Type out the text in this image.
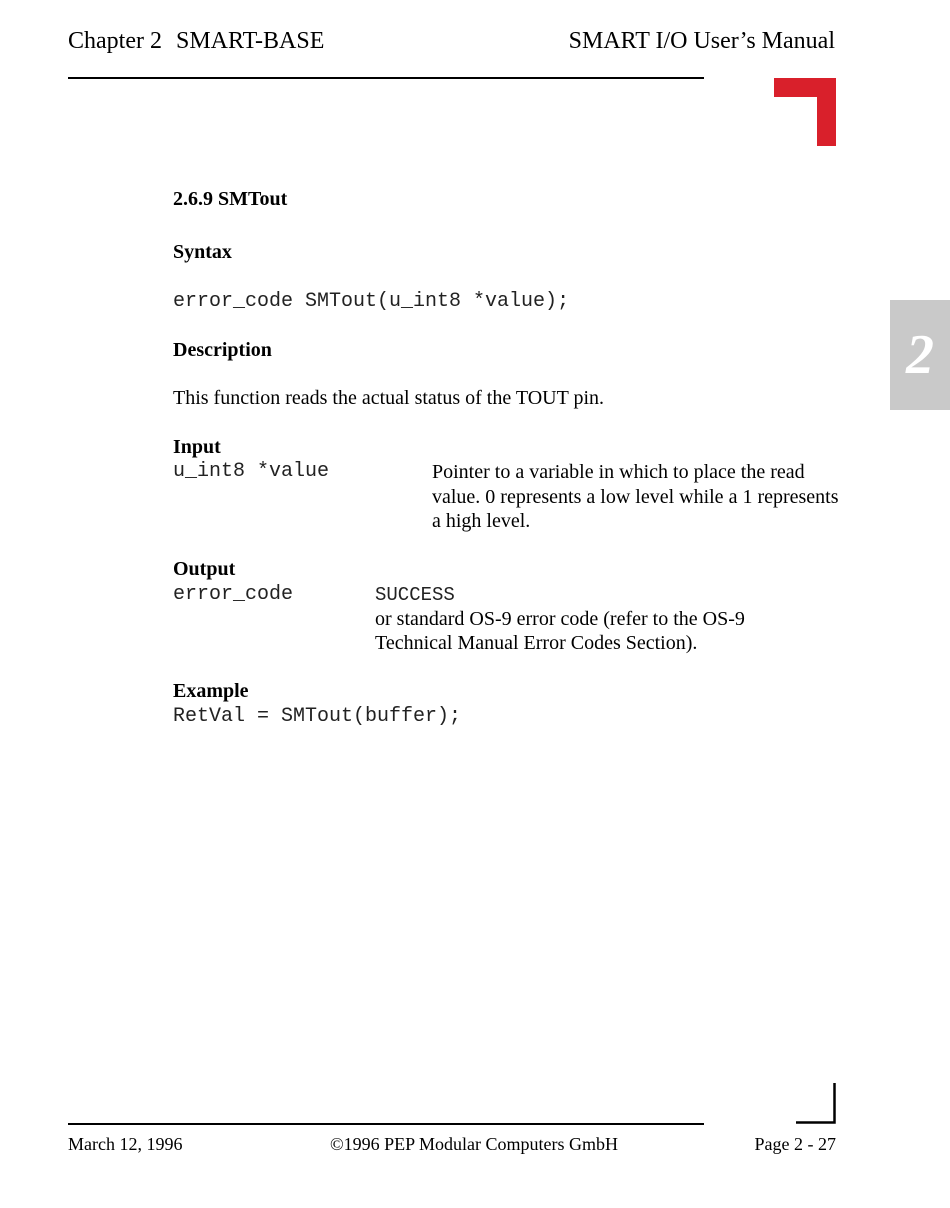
Chapter 2 SMART-BASE	SMART I/O User’s Manual
2
2.6.9 SMTout
Syntax
error_code SMTout(u_int8 *value);
Description
This function reads the actual status of the TOUT pin.
Input
u_int8 *value	Pointer to a variable in which to place the read value. 0 represents a low level while a 1 represents a high level.
Output
error_code	SUCCESS
or standard OS-9 error code (refer to the OS-9 Technical Manual Error Codes Section).
Example
RetVal = SMTout(buffer);
March 12, 1996	©1996 PEP Modular Computers GmbH	Page 2 - 27
